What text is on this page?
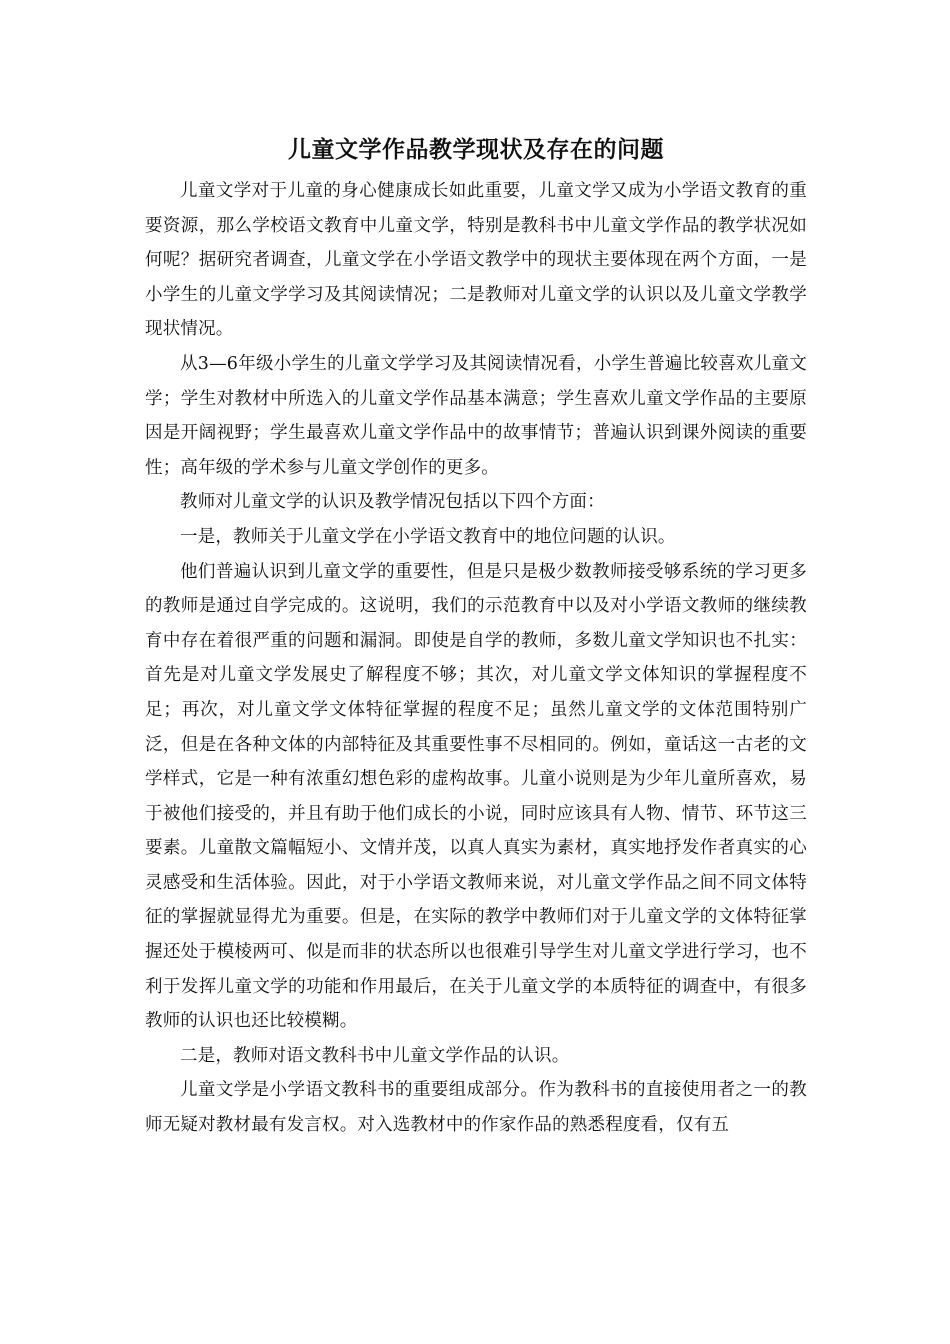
儿童文学作品教学现状及存在的问题

儿童文学对于儿童的身心健康成长如此重要，儿童文学又成为小学语文教育的重要资源，那么学校语文教育中儿童文学，特别是教科书中儿童文学作品的教学状况如何呢？据研究者调查，儿童文学在小学语文教学中的现状主要体现在两个方面，一是小学生的儿童文学学习及其阅读情况；二是教师对儿童文学的认识以及儿童文学教学现状情况。

从3—6年级小学生的儿童文学学习及其阅读情况看，小学生普遍比较喜欢儿童文学；学生对教材中所选入的儿童文学作品基本满意；学生喜欢儿童文学作品的主要原因是开阔视野；学生最喜欢儿童文学作品中的故事情节；普遍认识到课外阅读的重要性；高年级的学术参与儿童文学创作的更多。

教师对儿童文学的认识及教学情况包括以下四个方面：

一是，教师关于儿童文学在小学语文教育中的地位问题的认识。

他们普遍认识到儿童文学的重要性，但是只是极少数教师接受够系统的学习更多的教师是通过自学完成的。这说明，我们的示范教育中以及对小学语文教师的继续教育中存在着很严重的问题和漏洞。即使是自学的教师，多数儿童文学知识也不扎实：首先是对儿童文学发展史了解程度不够；其次，对儿童文学文体知识的掌握程度不足；再次，对儿童文学文体特征掌握的程度不足；虽然儿童文学的文体范围特别广泛，但是在各种文体的内部特征及其重要性事不尽相同的。例如，童话这一古老的文学样式，它是一种有浓重幻想色彩的虚构故事。儿童小说则是为少年儿童所喜欢，易于被他们接受的，并且有助于他们成长的小说，同时应该具有人物、情节、环节这三要素。儿童散文篇幅短小、文情并茂，以真人真实为素材，真实地抒发作者真实的心灵感受和生活体验。因此，对于小学语文教师来说，对儿童文学作品之间不同文体特征的掌握就显得尤为重要。但是，在实际的教学中教师们对于儿童文学的文体特征掌握还处于模棱两可、似是而非的状态所以也很难引导学生对儿童文学进行学习，也不利于发挥儿童文学的功能和作用最后，在关于儿童文学的本质特征的调查中，有很多教师的认识也还比较模糊。

二是，教师对语文教科书中儿童文学作品的认识。

儿童文学是小学语文教科书的重要组成部分。作为教科书的直接使用者之一的教师无疑对教材最有发言权。对入选教材中的作家作品的熟悉程度看，仅有五
